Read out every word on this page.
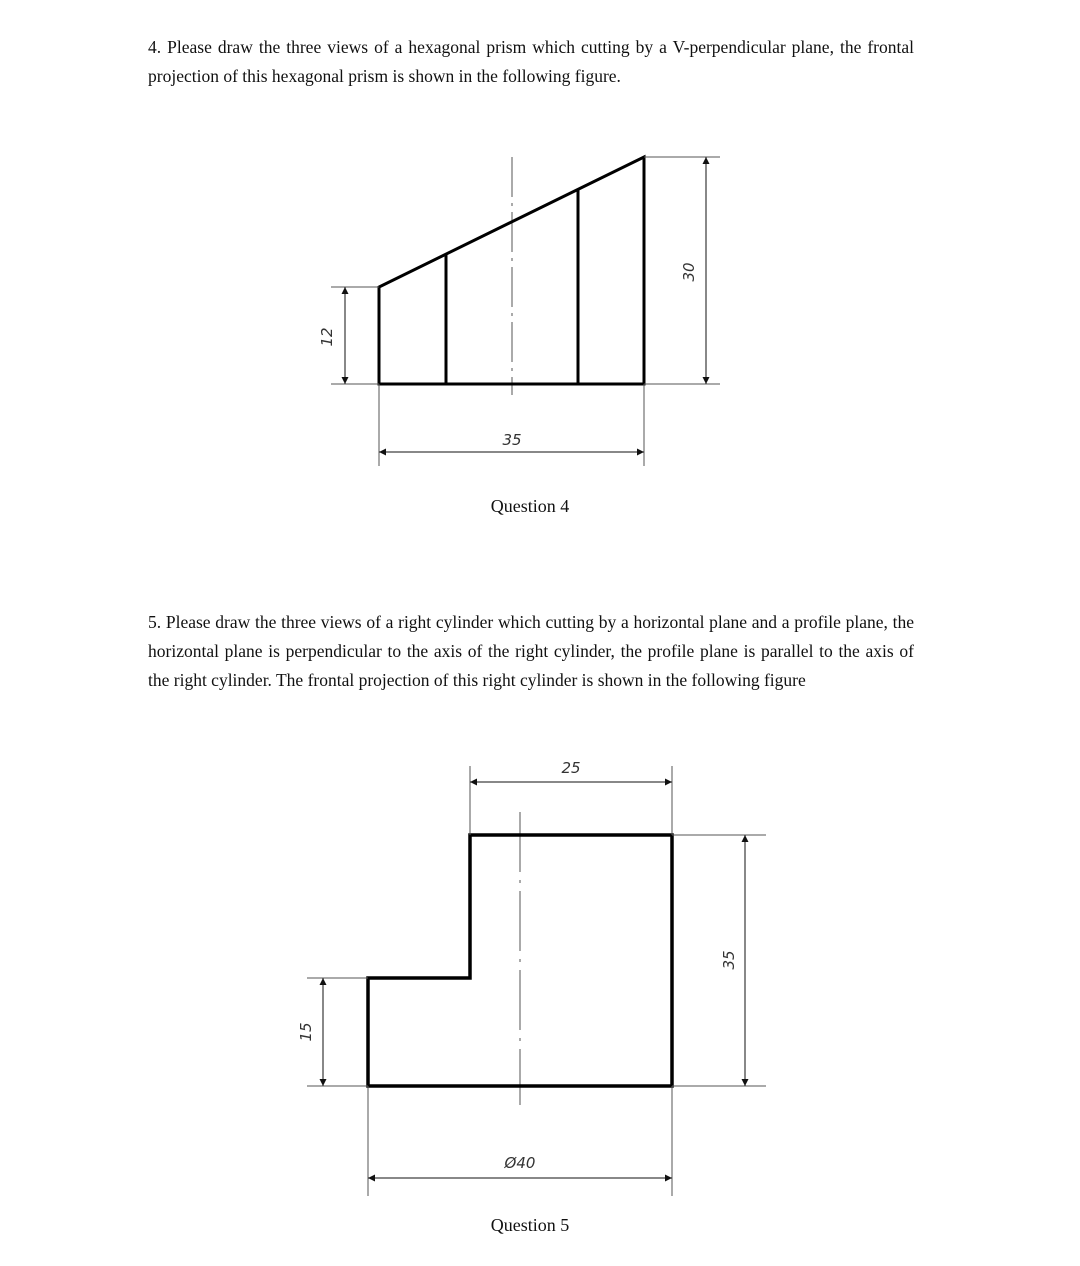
4. Please draw the three views of a hexagonal prism which cutting by a V-perpendicular plane, the frontal projection of this hexagonal prism is shown in the following figure.

12
30
35
25
35
15
Ø40
Question 4

5. Please draw the three views of a right cylinder which cutting by a horizontal plane and a profile plane, the horizontal plane is perpendicular to the axis of the right cylinder, the profile plane is parallel to the axis of the right cylinder. The frontal projection of this right cylinder is shown in the following figure

Question 5
